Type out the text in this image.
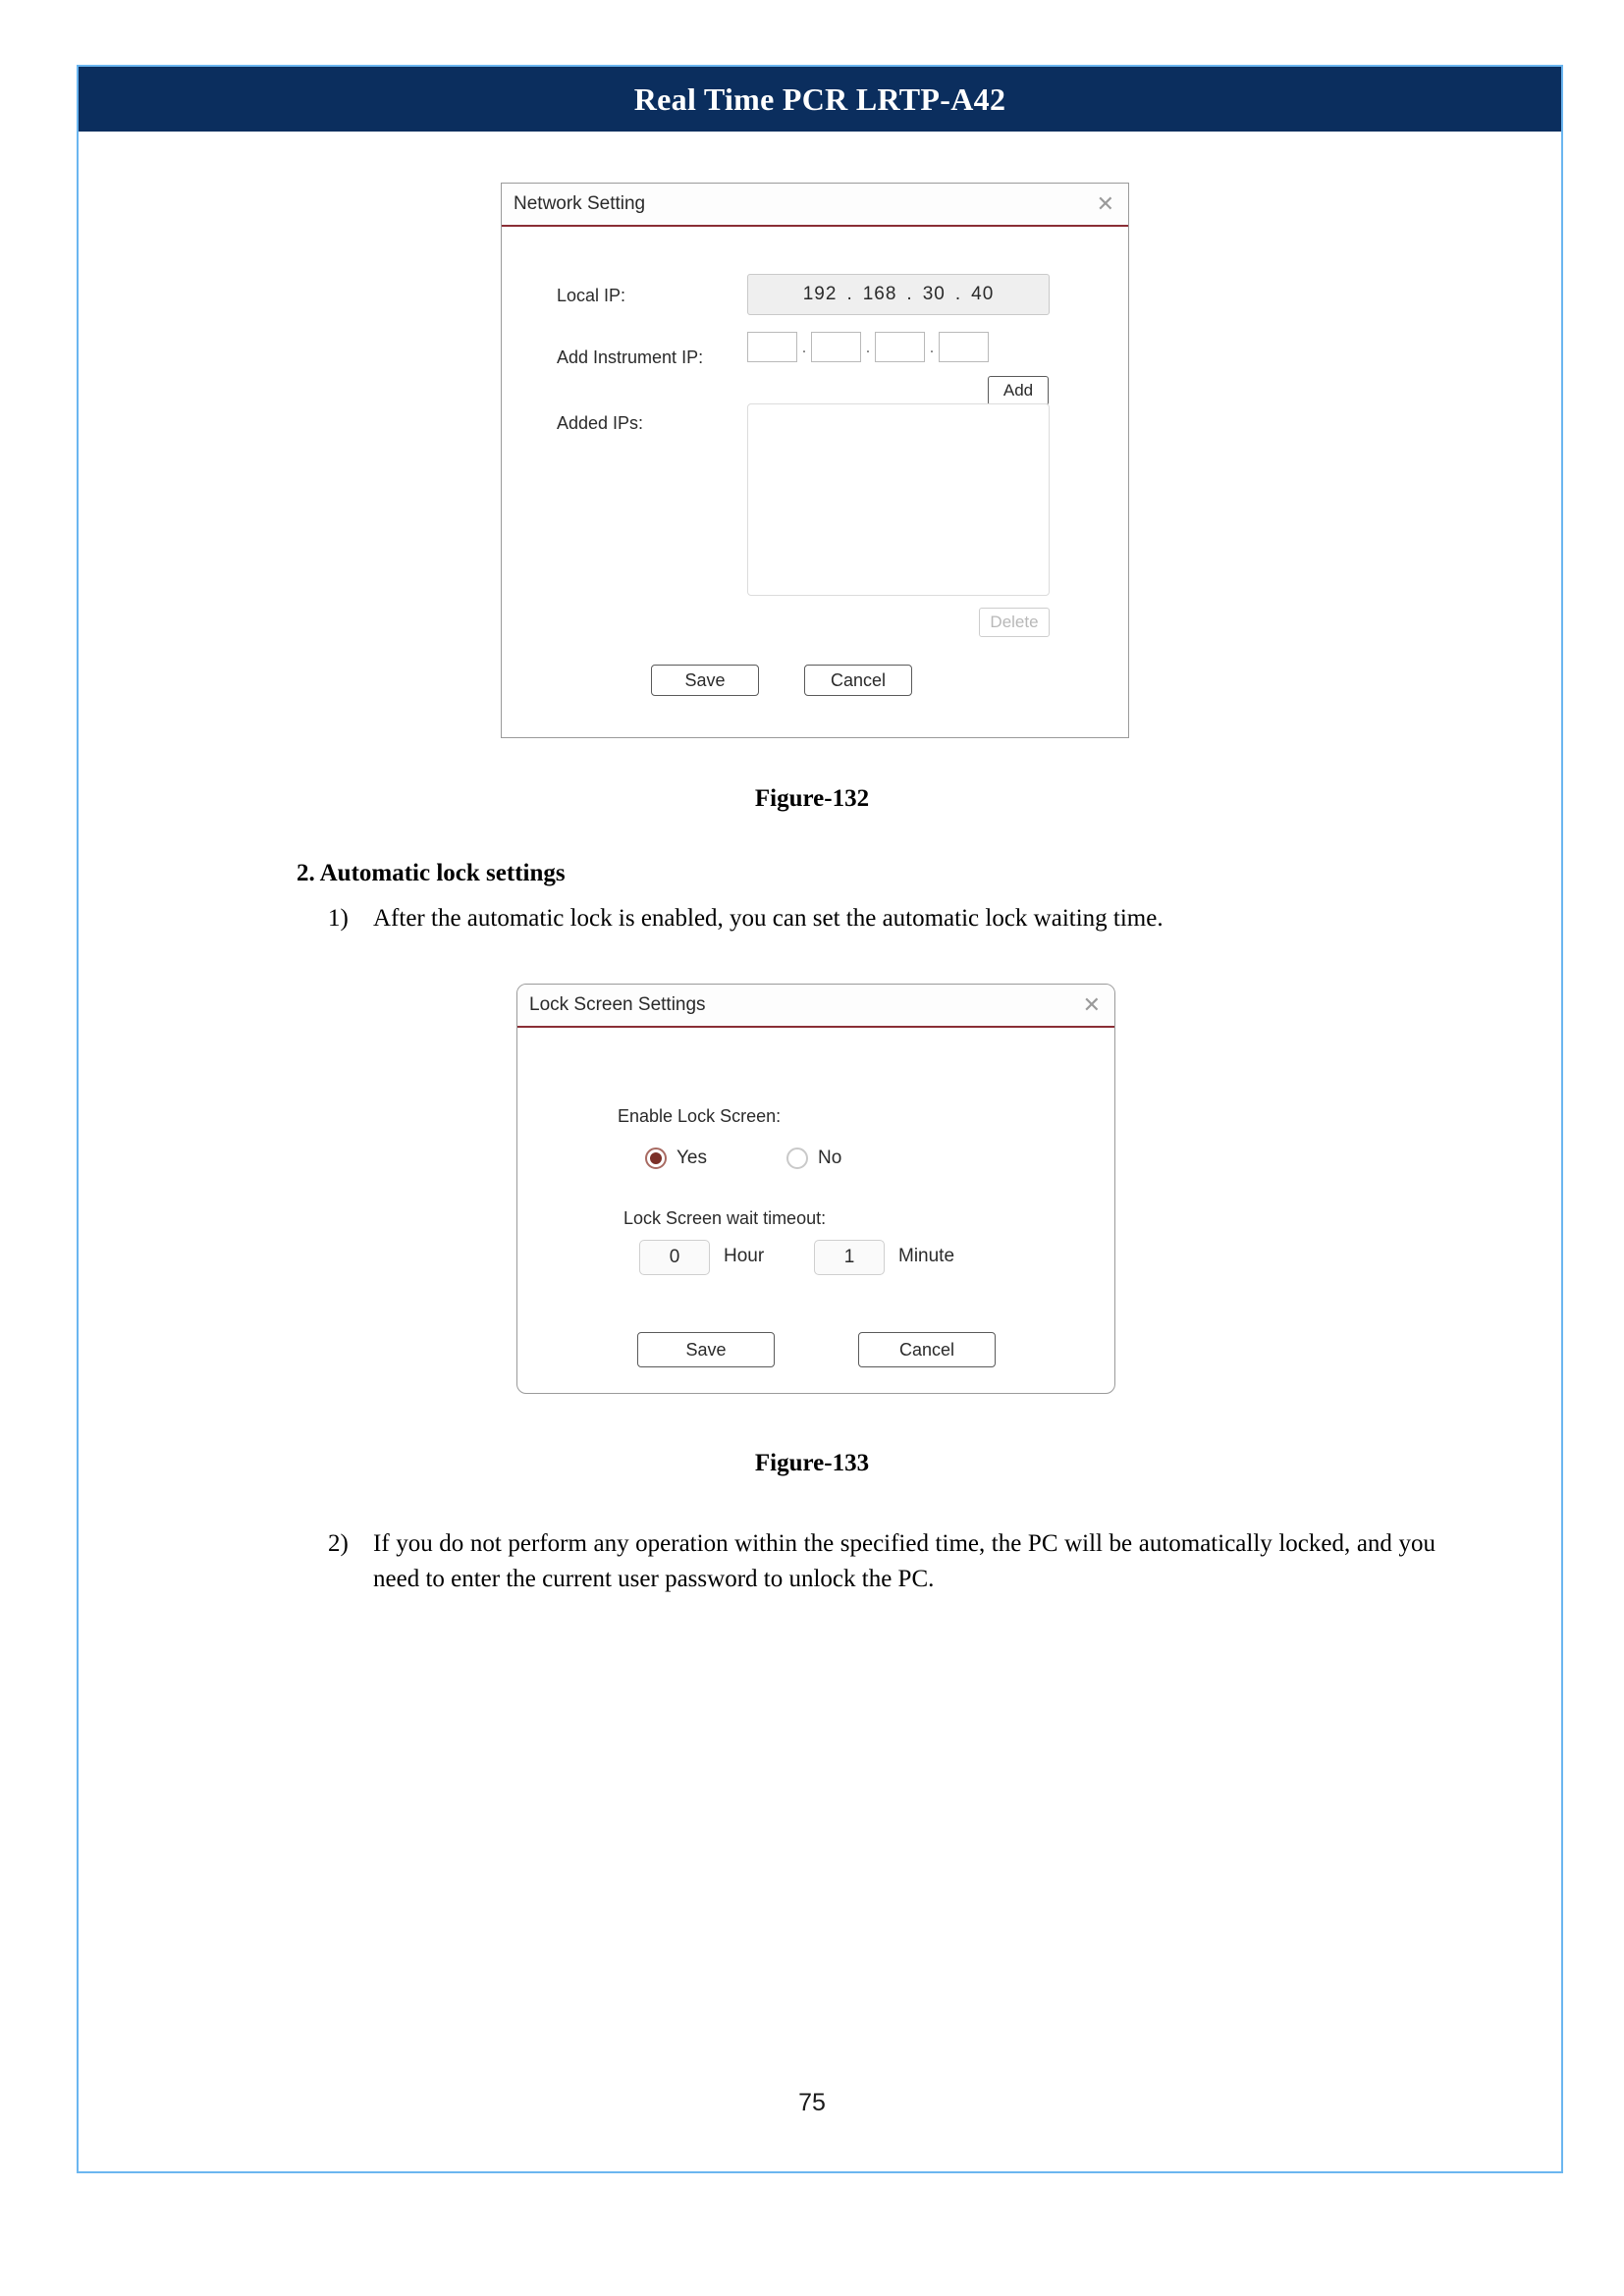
Real Time PCR LRTP-A42
Network Setting	✕
Local IP:	192 . 168 . 30 . 40
Add Instrument IP:
.	.	.
Add
Added IPs:
Delete
Save	Cancel
Figure-132
2. Automatic lock settings
1)	After the automatic lock is enabled, you can set the automatic lock waiting time.
Lock Screen Settings	✕
Enable Lock Screen:
Yes	No
Lock Screen wait timeout:
0	Hour	1	Minute
Save	Cancel
Figure-133
2)	If you do not perform any operation within the specified time, the PC will be automatically locked, and you need to enter the current user password to unlock the PC.
75
